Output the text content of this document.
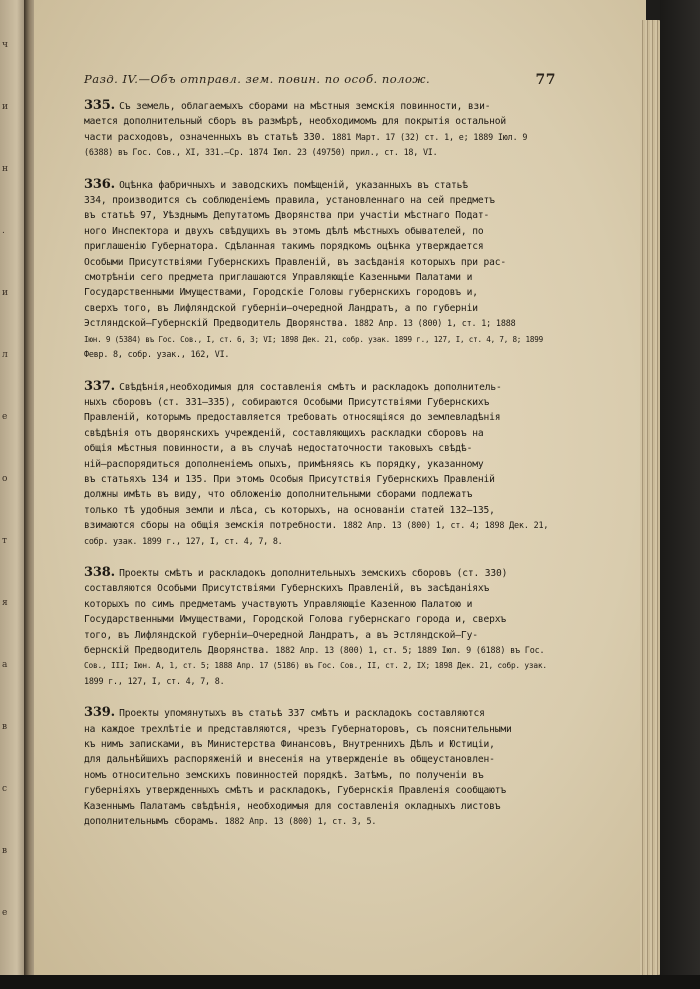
ч
и
н
.
и
л
е
о
т
я
а
в
с
в
е
Разд. IV.—Объ отправл. зем. повин. по особ. полож.	77
335. Съ земель, облагаемыхъ сборами на мѣстныя земскія повинности, взи-
мается дополнительный сборъ въ размѣрѣ, необходимомъ для покрытія остальной
части расходовъ, означенныхъ въ статьѣ 330. 1881 Март. 17 (32) ст. 1, е; 1889 Іюл. 9
(6388) въ Гос. Сов., XI, 331.—Ср. 1874 Іюл. 23 (49750) прил., ст. 18, VI.
336. Оцѣнка фабричныхъ и заводскихъ помѣщеній, указанныхъ въ статьѣ
334, производится съ соблюденіемъ правила, установленнаго на сей предметъ
въ статьѣ 97, Уѣзднымъ Депутатомъ Дворянства при участіи мѣстнаго Подат-
ного Инспектора и двухъ свѣдущихъ въ этомъ дѣлѣ мѣстныхъ обывателей, по
приглашенію Губернатора. Сдѣланная такимъ порядкомъ оцѣнка утверждается
Особыми Присутствіями Губернскихъ Правленій, въ засѣданія которыхъ при рас-
смотрѣніи сего предмета приглашаются Управляющіе Казенными Палатами и
Государственными Имуществами, Городскіе Головы губернскихъ городовъ и,
сверхъ того, въ Лифляндской губерніи—очередной Ландратъ, а по губерніи
Эстляндской—Губернскій Предводитель Дворянства. 1882 Апр. 13 (800) 1, ст. 1; 1888
Іюн. 9 (5384) въ Гос. Сов., I, ст. 6, 3; VI; 1898 Дек. 21, собр. узак. 1899 г., 127, I, ст. 4, 7, 8; 1899
Февр. 8, собр. узак., 162, VI.
337. Свѣдѣнія,необходимыя для составленія смѣтъ и раскладокъ дополнитель-
ныхъ сборовъ (ст. 331—335), собираются Особыми Присутствіями Губернскихъ
Правленій, которымъ предоставляется требовать относящіяся до землевладѣнія
свѣдѣнія отъ дворянскихъ учрежденій, составляющихъ раскладки сборовъ на
общія мѣстныя повинности, а въ случаѣ недостаточности таковыхъ свѣдѣ-
ній—распорядиться дополненіемъ опыхъ, примѣняясь къ порядку, указанному
въ статьяхъ 134 и 135. При этомъ Особыя Присутствія Губернскихъ Правленій
должны имѣть въ виду, что обложенію дополнительными сборами подлежатъ
только тѣ удобныя земли и лѣса, съ которыхъ, на основаніи статей 132—135,
взимаются сборы на общія земскія потребности. 1882 Апр. 13 (800) 1, ст. 4; 1898 Дек. 21,
собр. узак. 1899 г., 127, I, ст. 4, 7, 8.
338. Проекты смѣтъ и раскладокъ дополнительныхъ земскихъ сборовъ (ст. 330)
составляются Особыми Присутствіями Губернскихъ Правленій, въ засѣданіяхъ
которыхъ по симъ предметамъ участвуютъ Управляющіе Казенною Палатою и
Государственными Имуществами, Городской Голова губернскаго города и, сверхъ
того, въ Лифляндской губерніи—Очередной Ландратъ, а въ Эстляндской—Гу-
бернскій Предводитель Дворянства. 1882 Апр. 13 (800) 1, ст. 5; 1889 Іюл. 9 (6188) въ Гос.
Сов., III; Іюн. А, 1, ст. 5; 1888 Апр. 17 (5186) въ Гос. Сов., II, ст. 2, IX; 1898 Дек. 21, собр. узак.
1899 г., 127, I, ст. 4, 7, 8.
339. Проекты упомянутыхъ въ статьѣ 337 смѣтъ и раскладокъ составляются
на каждое трехлѣтіе и представляются, чрезъ Губернаторовъ, съ пояснительными
къ нимъ записками, въ Министерства Финансовъ, Внутреннихъ Дѣлъ и Юстиціи,
для дальнѣйшихъ распоряженій и внесенія на утвержденіе въ общеустановлен-
номъ относительно земскихъ повинностей порядкѣ. Затѣмъ, по полученіи въ
губерніяхъ утвержденныхъ смѣтъ и раскладокъ, Губернскія Правленія сообщаютъ
Казеннымъ Палатамъ свѣдѣнія, необходимыя для составленія окладныхъ листовъ
дополнительнымъ сборамъ. 1882 Апр. 13 (800) 1, ст. 3, 5.
